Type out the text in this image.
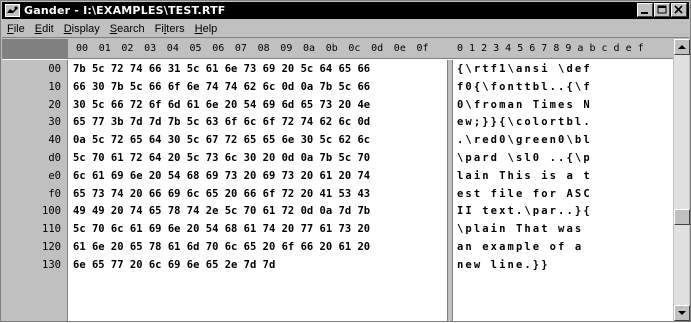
Gander - I:\EXAMPLES\TEST.RTF
File Edit Display Search Filters Help
00 01 02 03 04 05 06 07 08 09 0a 0b 0c 0d 0e 0f	0 1 2 3 4 5 6 7 8 9 a b c d e f
00
10
20
30
40
d0
e0
f0
100
110
120
130
7b 5c 72 74 66 31 5c 61 6e 73 69 20 5c 64 65 66
66 30 7b 5c 66 6f 6e 74 74 62 6c 0d 0a 7b 5c 66
30 5c 66 72 6f 6d 61 6e 20 54 69 6d 65 73 20 4e
65 77 3b 7d 7d 7b 5c 63 6f 6c 6f 72 74 62 6c 0d
0a 5c 72 65 64 30 5c 67 72 65 65 6e 30 5c 62 6c
5c 70 61 72 64 20 5c 73 6c 30 20 0d 0a 7b 5c 70
6c 61 69 6e 20 54 68 69 73 20 69 73 20 61 20 74
65 73 74 20 66 69 6c 65 20 66 6f 72 20 41 53 43
49 49 20 74 65 78 74 2e 5c 70 61 72 0d 0a 7d 7b
5c 70 6c 61 69 6e 20 54 68 61 74 20 77 61 73 20
61 6e 20 65 78 61 6d 70 6c 65 20 6f 66 20 61 20
6e 65 77 20 6c 69 6e 65 2e 7d 7d
{\rtf1\ansi \def
f0{\fonttbl..{\f
0\froman Times N
ew;}}{\colortbl.
.\red0\green0\bl
\pard \sl0 ..{\p
lain This is a t
est file for ASC
II text.\par..}{
\plain That was
an example of a
new line.}}
